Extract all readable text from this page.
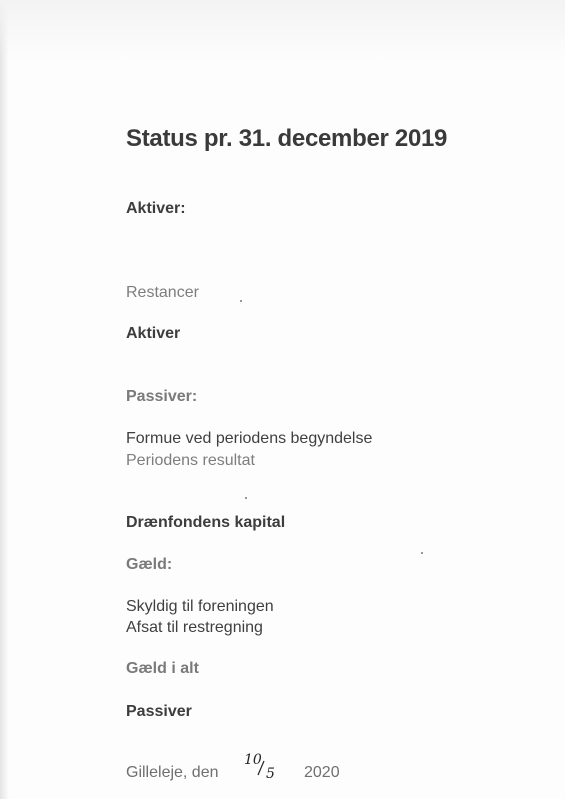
Status pr. 31. december 2019
Aktiver:
Restancer
Aktiver
Passiver:
Formue ved periodens begyndelse
Periodens resultat
Drænfondens kapital
Gæld:
Skyldig til foreningen
Afsat til restregning
Gæld i alt
Passiver
Gilleleje, den
10
5 2020
